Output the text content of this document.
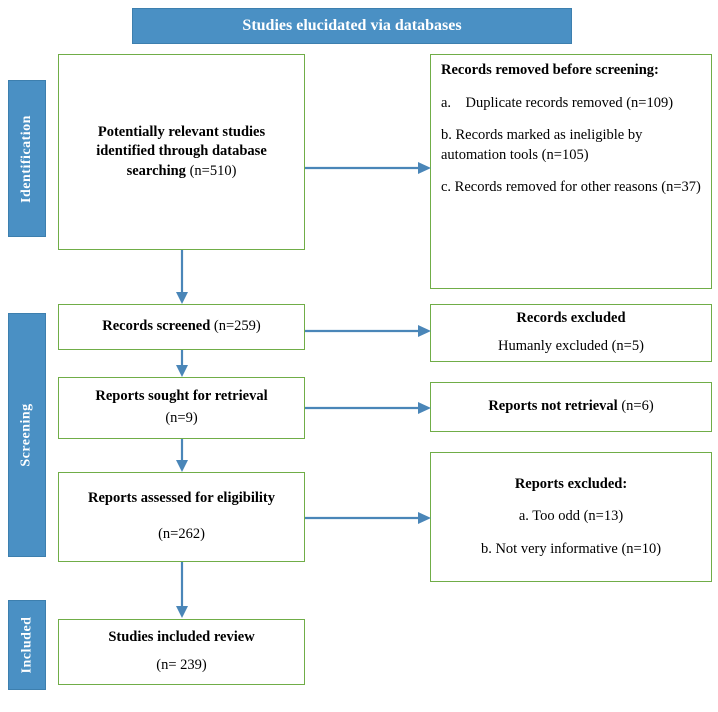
Studies elucidated via databases
Identification
Screening
Included

Potentially relevant studies identified through database searching (n=510)

Records removed before screening:

a. Duplicate records removed (n=109)

b. Records marked as ineligible by automation tools (n=105)

c. Records removed for other reasons (n=37)

Records screened (n=259)	Records excluded

Humanly excluded (n=5)

Reports sought for retrieval

(n=9)

Reports not retrieval (n=6)

Reports assessed for eligibility

(n=262)

Reports excluded:

a. Too odd (n=13)

b. Not very informative (n=10)

Studies included review

(n= 239)
